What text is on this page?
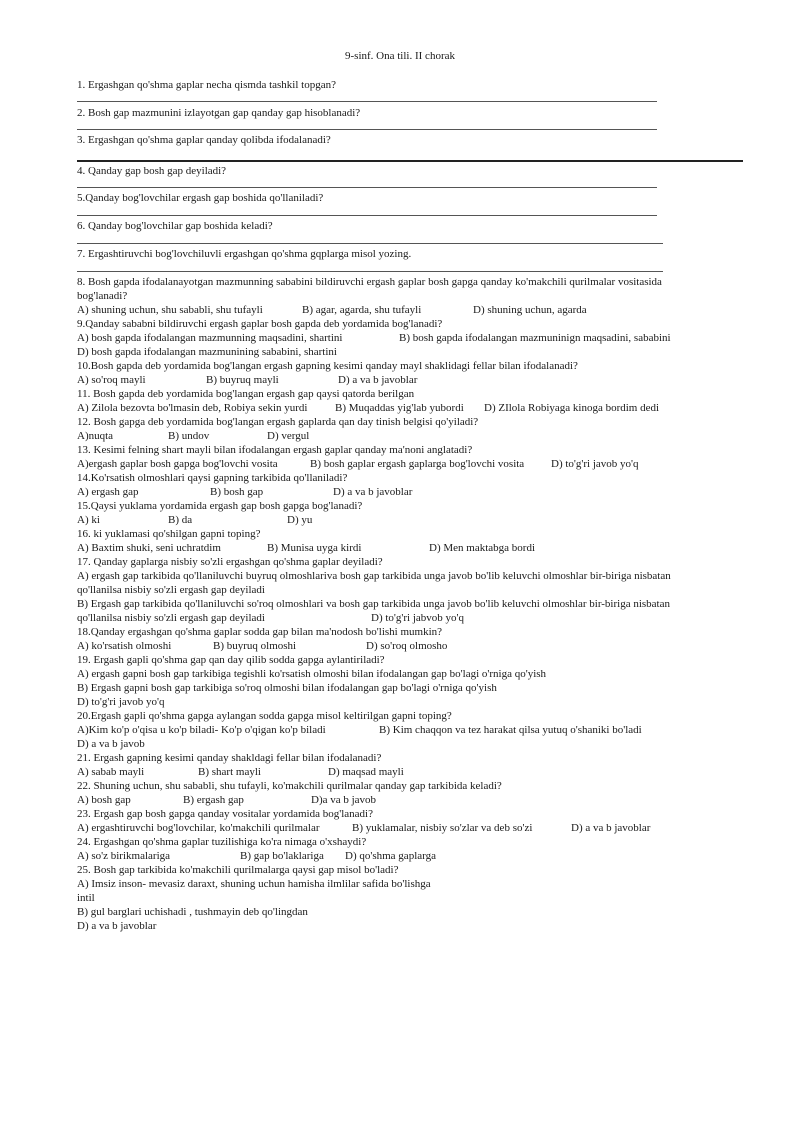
9-sinf. Ona tili. II chorak
1. Ergashgan qo'shma gaplar necha qismda tashkil topgan?
2. Bosh gap mazmunini izlayotgan gap qanday gap hisoblanadi?
3. Ergashgan qo'shma gaplar qanday qolibda ifodalanadi?
4. Qanday gap bosh gap deyiladi?
5.Qanday bog'lovchilar ergash gap boshida qo'llaniladi?
6. Qanday bog'lovchilar gap boshida keladi?
7. Ergashtiruvchi bog'lovchiluvli ergashgan qo'shma gqplarga misol yozing.
8. Bosh gapda ifodalanayotgan mazmunning sababini bildiruvchi ergash gaplar bosh gapga qanday ko'makchili qurilmalar vositasida
bog'lanadi?
A) shuning uchun, shu sababli, shu tufayli	B) agar, agarda, shu tufayli	D) shuning uchun, agarda
9.Qanday sababni bildiruvchi ergash gaplar bosh gapda deb yordamida bog'lanadi?
A) bosh gapda ifodalangan mazmunning maqsadini, shartini	B) bosh gapda ifodalangan mazmuninign maqsadini, sababini
D) bosh gapda ifodalangan mazmunining sababini, shartini
10.Bosh gapda deb yordamida bog'langan ergash gapning kesimi qanday mayl shaklidagi fellar bilan ifodalanadi?
A) so'roq mayli	B) buyruq mayli	D) a va b javoblar
11. Bosh gapda deb yordamida bog'langan ergash gap qaysi qatorda berilgan
A) Zilola bezovta bo'lmasin deb, Robiya sekin yurdi	B) Muqaddas yig'lab yubordi D) ZIlola Robiyaga kinoga bordim dedi
12. Bosh gapga deb yordamida bog'langan ergash gaplarda qan day tinish belgisi qo'yiladi?
A)nuqta	B) undov	D) vergul
13. Kesimi felning shart mayli bilan ifodalangan ergash gaplar qanday ma'noni anglatadi?
A)ergash gaplar bosh gapga bog'lovchi vosita	B) bosh gaplar ergash gaplarga bog'lovchi vosita D) to'g'ri javob yo'q
14.Ko'rsatish olmoshlari qaysi gapning tarkibida qo'llaniladi?
A) ergash gap	B) bosh gap	D) a va b javoblar
15.Qaysi yuklama yordamida ergash gap bosh gapga bog'lanadi?
A) ki	B) da	D) yu
16. ki yuklamasi qo'shilgan gapni toping?
A) Baxtim shuki, seni uchratdim	B) Munisa uyga kirdi	D) Men maktabga bordi
17. Qanday gaplarga nisbiy so'zli ergashgan qo'shma gaplar deyiladi?
A) ergash gap tarkibida qo'llaniluvchi buyruq olmoshlariva bosh gap tarkibida unga javob bo'lib keluvchi olmoshlar bir-biriga nisbatan
qo'llanilsa nisbiy so'zli ergash gap deyiladi
B) Ergash gap tarkibida qo'llaniluvchi so'roq olmoshlari va bosh gap tarkibida unga javob bo'lib keluvchi olmoshlar bir-biriga nisbatan
qo'llanilsa nisbiy so'zli ergash gap deyiladi	D) to'g'ri jabvob yo'q
18.Qanday ergashgan qo'shma gaplar sodda gap bilan ma'nodosh bo'lishi mumkin?
A) ko'rsatish olmoshi	B) buyruq olmoshi	D) so'roq olmosho
19. Ergash gapli qo'shma gap qan day qilib sodda gapga aylantiriladi?
A) ergash gapni bosh gap tarkibiga tegishli ko'rsatish olmoshi bilan ifodalangan gap bo'lagi o'rniga qo'yish
B) Ergash gapni bosh gap tarkibiga so'roq olmoshi bilan ifodalangan gap bo'lagi o'rniga qo'yish
D) to'g'ri javob yo'q
20.Ergash gapli qo'shma gapga aylangan sodda gapga misol keltirilgan gapni toping?
A)Kim ko'p o'qisa u ko'p biladi- Ko'p o'qigan ko'p biladi	B) Kim chaqqon va tez harakat qilsa yutuq o'shaniki bo'ladi
D) a va b javob
21. Ergash gapning kesimi qanday shakldagi fellar bilan ifodalanadi?
A) sabab mayli	B) shart mayli	D) maqsad mayli
22. Shuning uchun, shu sababli, shu tufayli, ko'makchili qurilmalar qanday gap tarkibida keladi?
A) bosh gap	B) ergash gap	D)a va b javob
23. Ergash gap bosh gapga qanday vositalar yordamida bog'lanadi?
A) ergashtiruvchi bog'lovchilar, ko'makchili qurilmalar	B) yuklamalar, nisbiy so'zlar va deb so'zi	D) a va b javoblar
24. Ergashgan qo'shma gaplar tuzilishiga ko'ra nimaga o'xshaydi?
A) so'z birikmalariga	B) gap bo'laklariga D) qo'shma gaplarga
25. Bosh gap tarkibida ko'makchili qurilmalarga qaysi gap misol bo'ladi?
A) Imsiz inson- mevasiz daraxt, shuning uchun hamisha ilmlilar safida bo'lishga
intil
B) gul barglari uchishadi , tushmayin deb qo'lingdan
D) a va b javoblar
